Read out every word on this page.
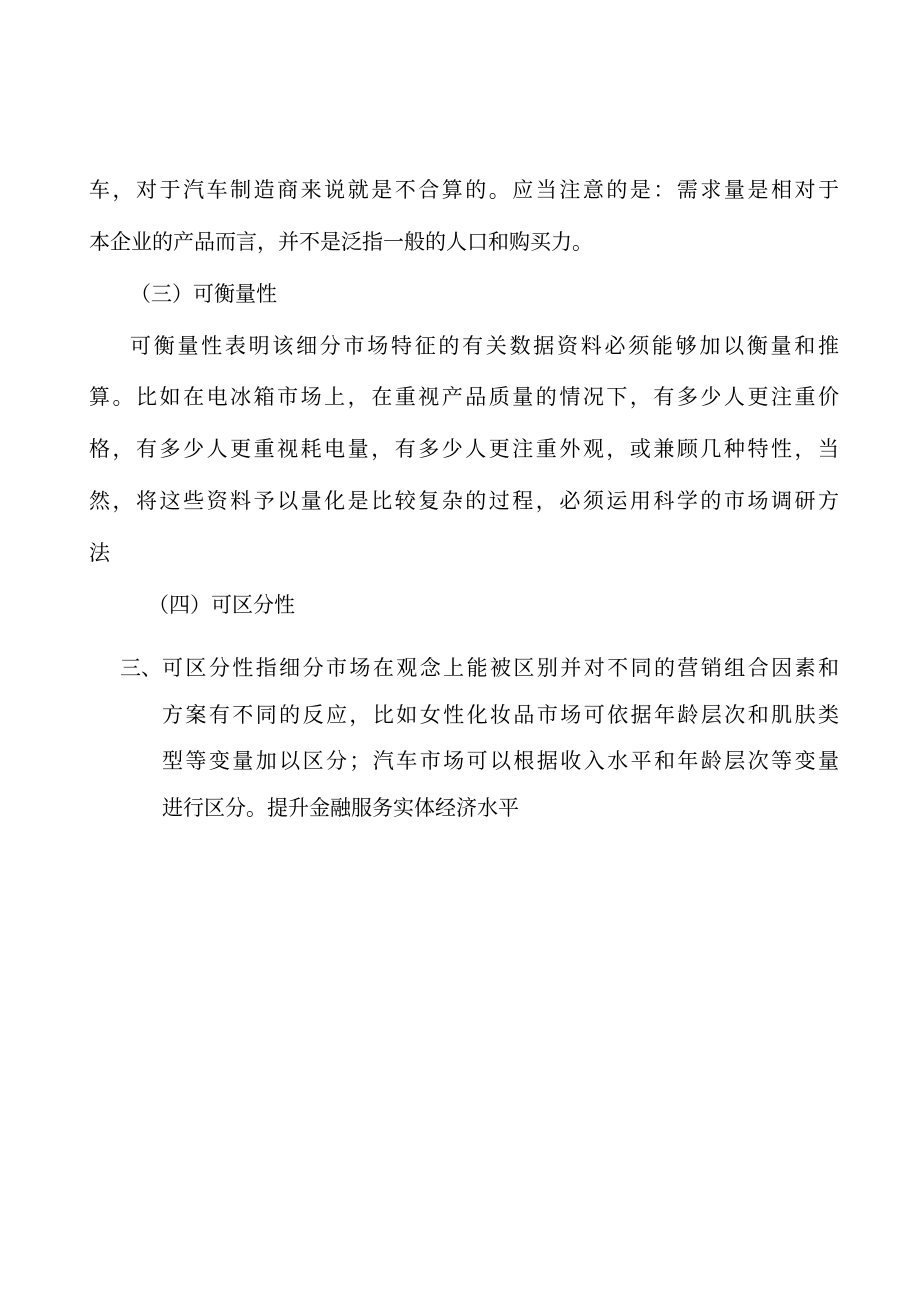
车，对于汽车制造商来说就是不合算的。应当注意的是：需求量是相对于
本企业的产品而言，并不是泛指一般的人口和购买力。
（三）可衡量性
可衡量性表明该细分市场特征的有关数据资料必须能够加以衡量和推
算。比如在电冰箱市场上，在重视产品质量的情况下，有多少人更注重价
格，有多少人更重视耗电量，有多少人更注重外观，或兼顾几种特性，当
然，将这些资料予以量化是比较复杂的过程，必须运用科学的市场调研方
法
（四）可区分性
三、 可区分性指细分市场在观念上能被区别并对不同的营销组合因素和
方案有不同的反应，比如女性化妆品市场可依据年龄层次和肌肤类
型等变量加以区分；汽车市场可以根据收入水平和年龄层次等变量
进行区分。提升金融服务实体经济水平
